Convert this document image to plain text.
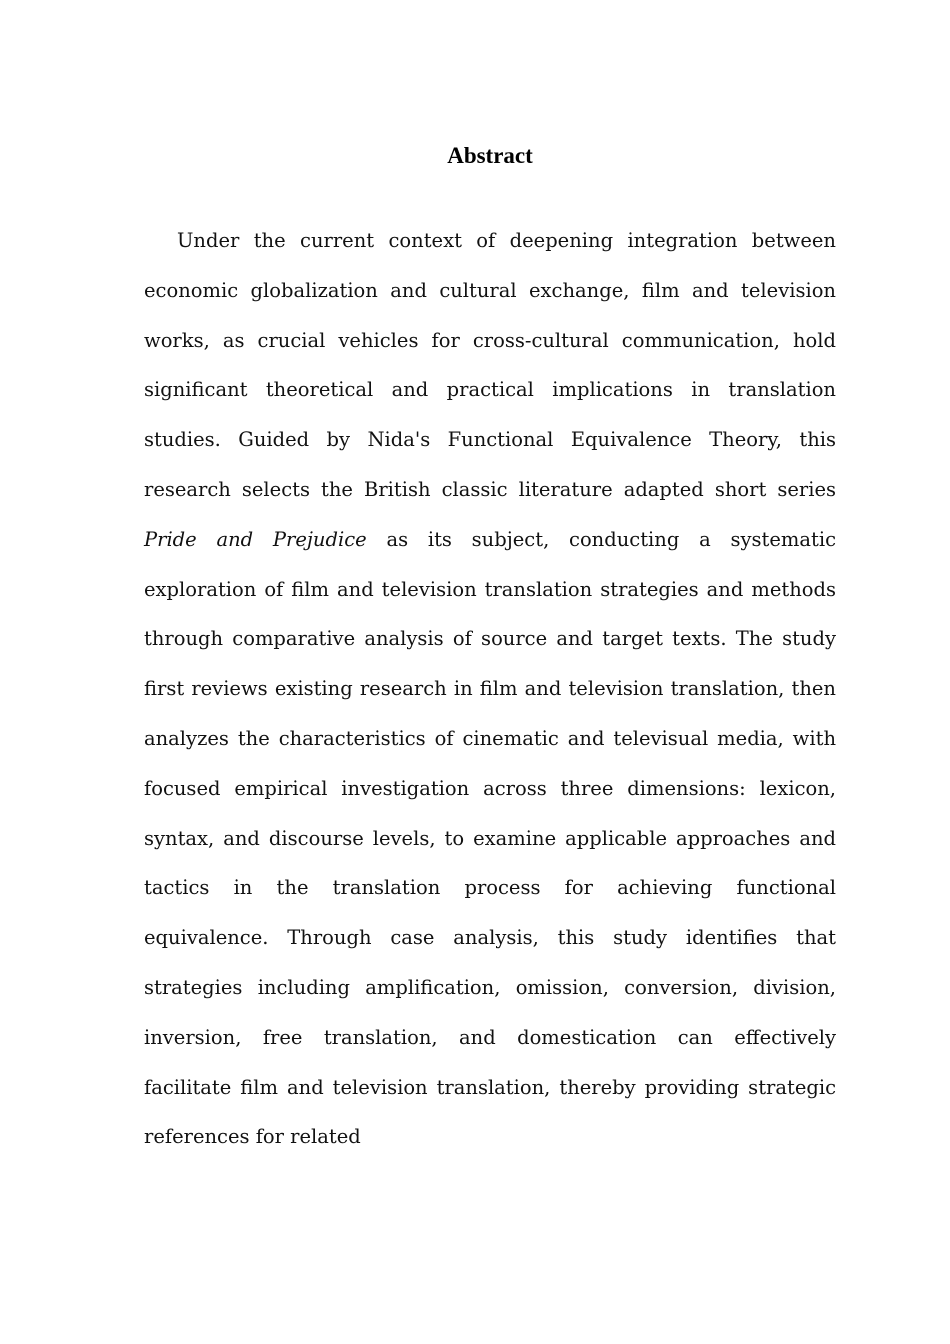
Abstract

Under the current context of deepening integration between economic globalization and cultural exchange, film and television works, as crucial vehicles for cross-cultural communication, hold significant theoretical and practical implications in translation studies. Guided by Nida's Functional Equivalence Theory, this research selects the British classic literature adapted short series Pride and Prejudice as its subject, conducting a systematic exploration of film and television translation strategies and methods through comparative analysis of source and target texts. The study first reviews existing research in film and television translation, then analyzes the characteristics of cinematic and televisual media, with focused empirical investigation across three dimensions: lexicon, syntax, and discourse levels, to examine applicable approaches and tactics in the translation process for achieving functional equivalence. Through case analysis, this study identifies that strategies including amplification, omission, conversion, division, inversion, free translation, and domestication can effectively facilitate film and television translation, thereby providing strategic references for related
